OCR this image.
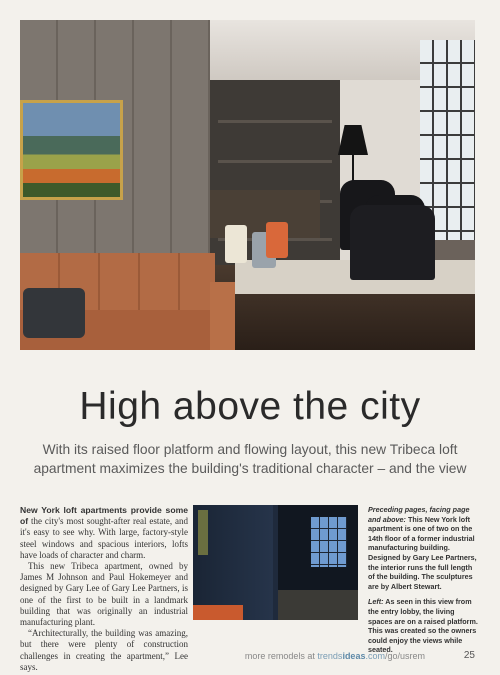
High above the city
With its raised floor platform and flowing layout, this new Tribeca loft apartment maximizes the building's traditional character – and the view

New York loft apartments provide some of the city's most sought-after real estate, and it's easy to see why. With large, factory-style steel windows and spacious interiors, lofts have loads of character and charm.

This new Tribeca apartment, owned by James M Johnson and Paul Hokemeyer and designed by Gary Lee of Gary Lee Partners, is one of the first to be built in a landmark building that was originally an industrial manufacturing plant.

“Architecturally, the building was amazing, but there were plenty of construction challenges in creating the apartment,” Lee says.

Preceding pages, facing page and above: This New York loft apartment is one of two on the 14th floor of a former industrial manufacturing building. Designed by Gary Lee Partners, the interior runs the full length of the building. The sculptures are by Albert Stewart.

Left: As seen in this view from the entry lobby, the living spaces are on a raised platform. This was created so the owners could enjoy the views while seated.

more remodels at trendsideas.com/go/usrem	25
